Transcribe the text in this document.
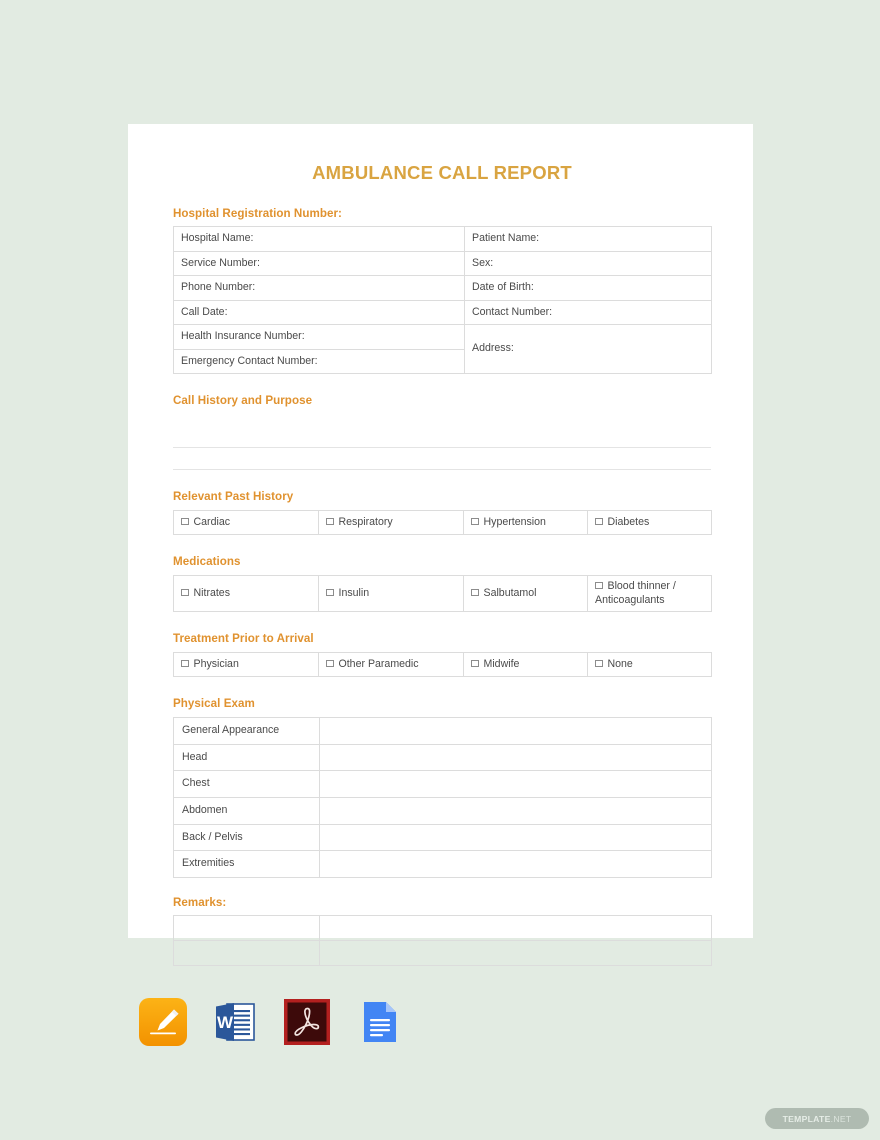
AMBULANCE CALL REPORT
Hospital Registration Number:
Hospital Name:	Patient Name:
Service Number:	Sex:
Phone Number:	Date of Birth:
Call Date:	Contact Number:
Health Insurance Number:	Address:
Emergency Contact Number:	
Call History and Purpose
Relevant Past History
Cardiac	Respiratory	Hypertension	Diabetes
Medications
Nitrates	Insulin	Salbutamol	Blood thinner / Anticoagulants
Treatment Prior to Arrival
Physician	Other Paramedic	Midwife	None
Physical Exam
General Appearance	
Head	
Chest	
Abdomen	
Back / Pelvis	
Extremities	
Remarks:

W
TEMPLATE .NET
